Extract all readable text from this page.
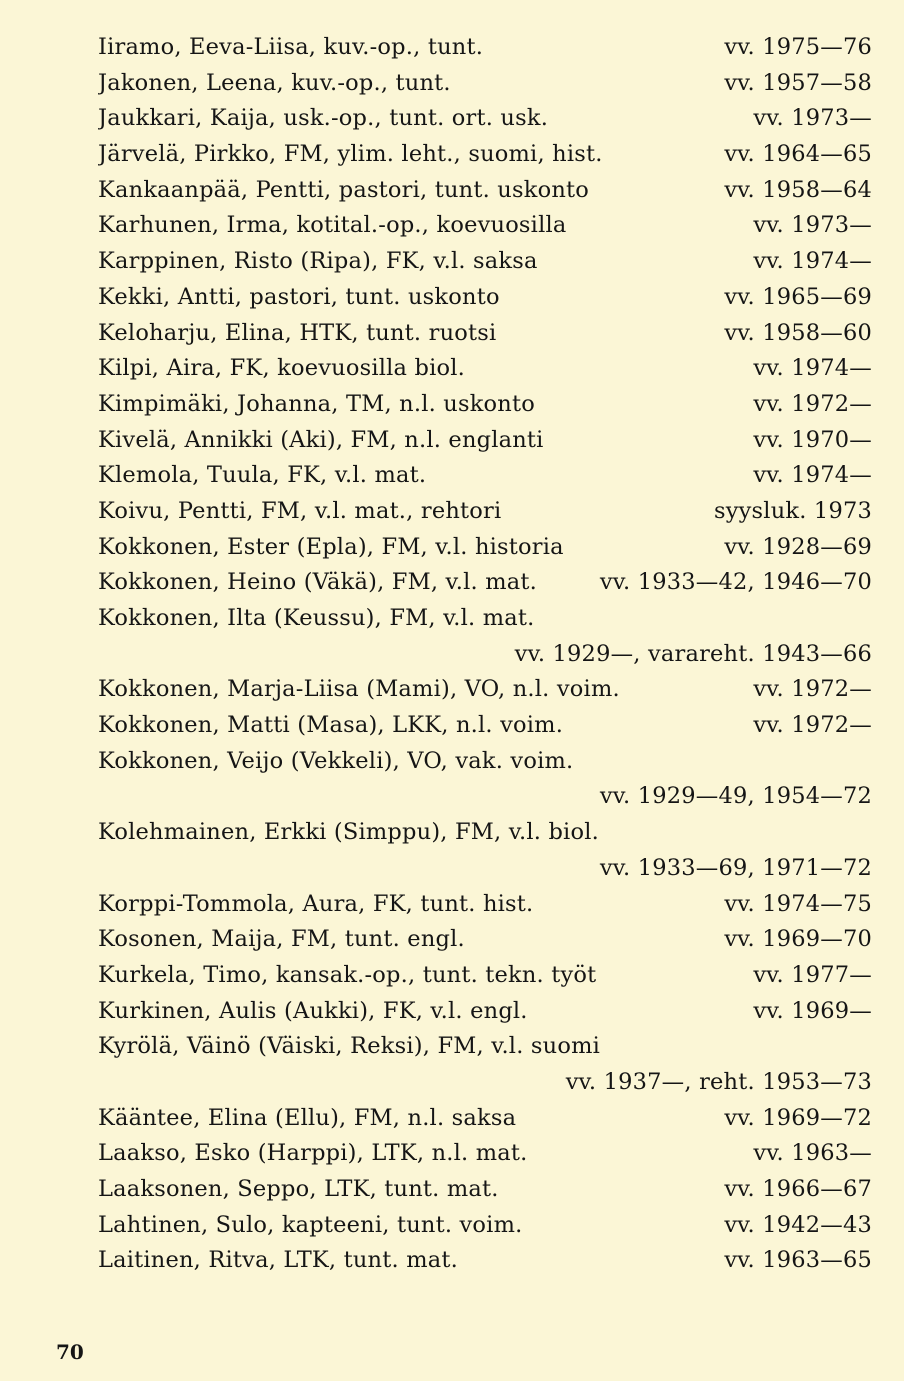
Iiramo, Eeva-Liisa, kuv.-op., tunt.	vv. 1975—76
Jakonen, Leena, kuv.-op., tunt.	vv. 1957—58
Jaukkari, Kaija, usk.-op., tunt. ort. usk.	vv. 1973—
Järvelä, Pirkko, FM, ylim. leht., suomi, hist.	vv. 1964—65
Kankaanpää, Pentti, pastori, tunt. uskonto	vv. 1958—64
Karhunen, Irma, kotital.-op., koevuosilla	vv. 1973—
Karppinen, Risto (Ripa), FK, v.l. saksa	vv. 1974—
Kekki, Antti, pastori, tunt. uskonto	vv. 1965—69
Keloharju, Elina, HTK, tunt. ruotsi	vv. 1958—60
Kilpi, Aira, FK, koevuosilla biol.	vv. 1974—
Kimpimäki, Johanna, TM, n.l. uskonto	vv. 1972—
Kivelä, Annikki (Aki), FM, n.l. englanti	vv. 1970—
Klemola, Tuula, FK, v.l. mat.	vv. 1974—
Koivu, Pentti, FM, v.l. mat., rehtori	syysluk. 1973
Kokkonen, Ester (Epla), FM, v.l. historia	vv. 1928—69
Kokkonen, Heino (Väkä), FM, v.l. mat.	vv. 1933—42, 1946—70
Kokkonen, Ilta (Keussu), FM, v.l. mat.
vv. 1929—, varareht. 1943—66
Kokkonen, Marja-Liisa (Mami), VO, n.l. voim.	vv. 1972—
Kokkonen, Matti (Masa), LKK, n.l. voim.	vv. 1972—
Kokkonen, Veijo (Vekkeli), VO, vak. voim.
vv. 1929—49, 1954—72
Kolehmainen, Erkki (Simppu), FM, v.l. biol.
vv. 1933—69, 1971—72
Korppi-Tommola, Aura, FK, tunt. hist.	vv. 1974—75
Kosonen, Maija, FM, tunt. engl.	vv. 1969—70
Kurkela, Timo, kansak.-op., tunt. tekn. työt	vv. 1977—
Kurkinen, Aulis (Aukki), FK, v.l. engl.	vv. 1969—
Kyrölä, Väinö (Väiski, Reksi), FM, v.l. suomi
vv. 1937—, reht. 1953—73
Kääntee, Elina (Ellu), FM, n.l. saksa	vv. 1969—72
Laakso, Esko (Harppi), LTK, n.l. mat.	vv. 1963—
Laaksonen, Seppo, LTK, tunt. mat.	vv. 1966—67
Lahtinen, Sulo, kapteeni, tunt. voim.	vv. 1942—43
Laitinen, Ritva, LTK, tunt. mat.	vv. 1963—65
70
